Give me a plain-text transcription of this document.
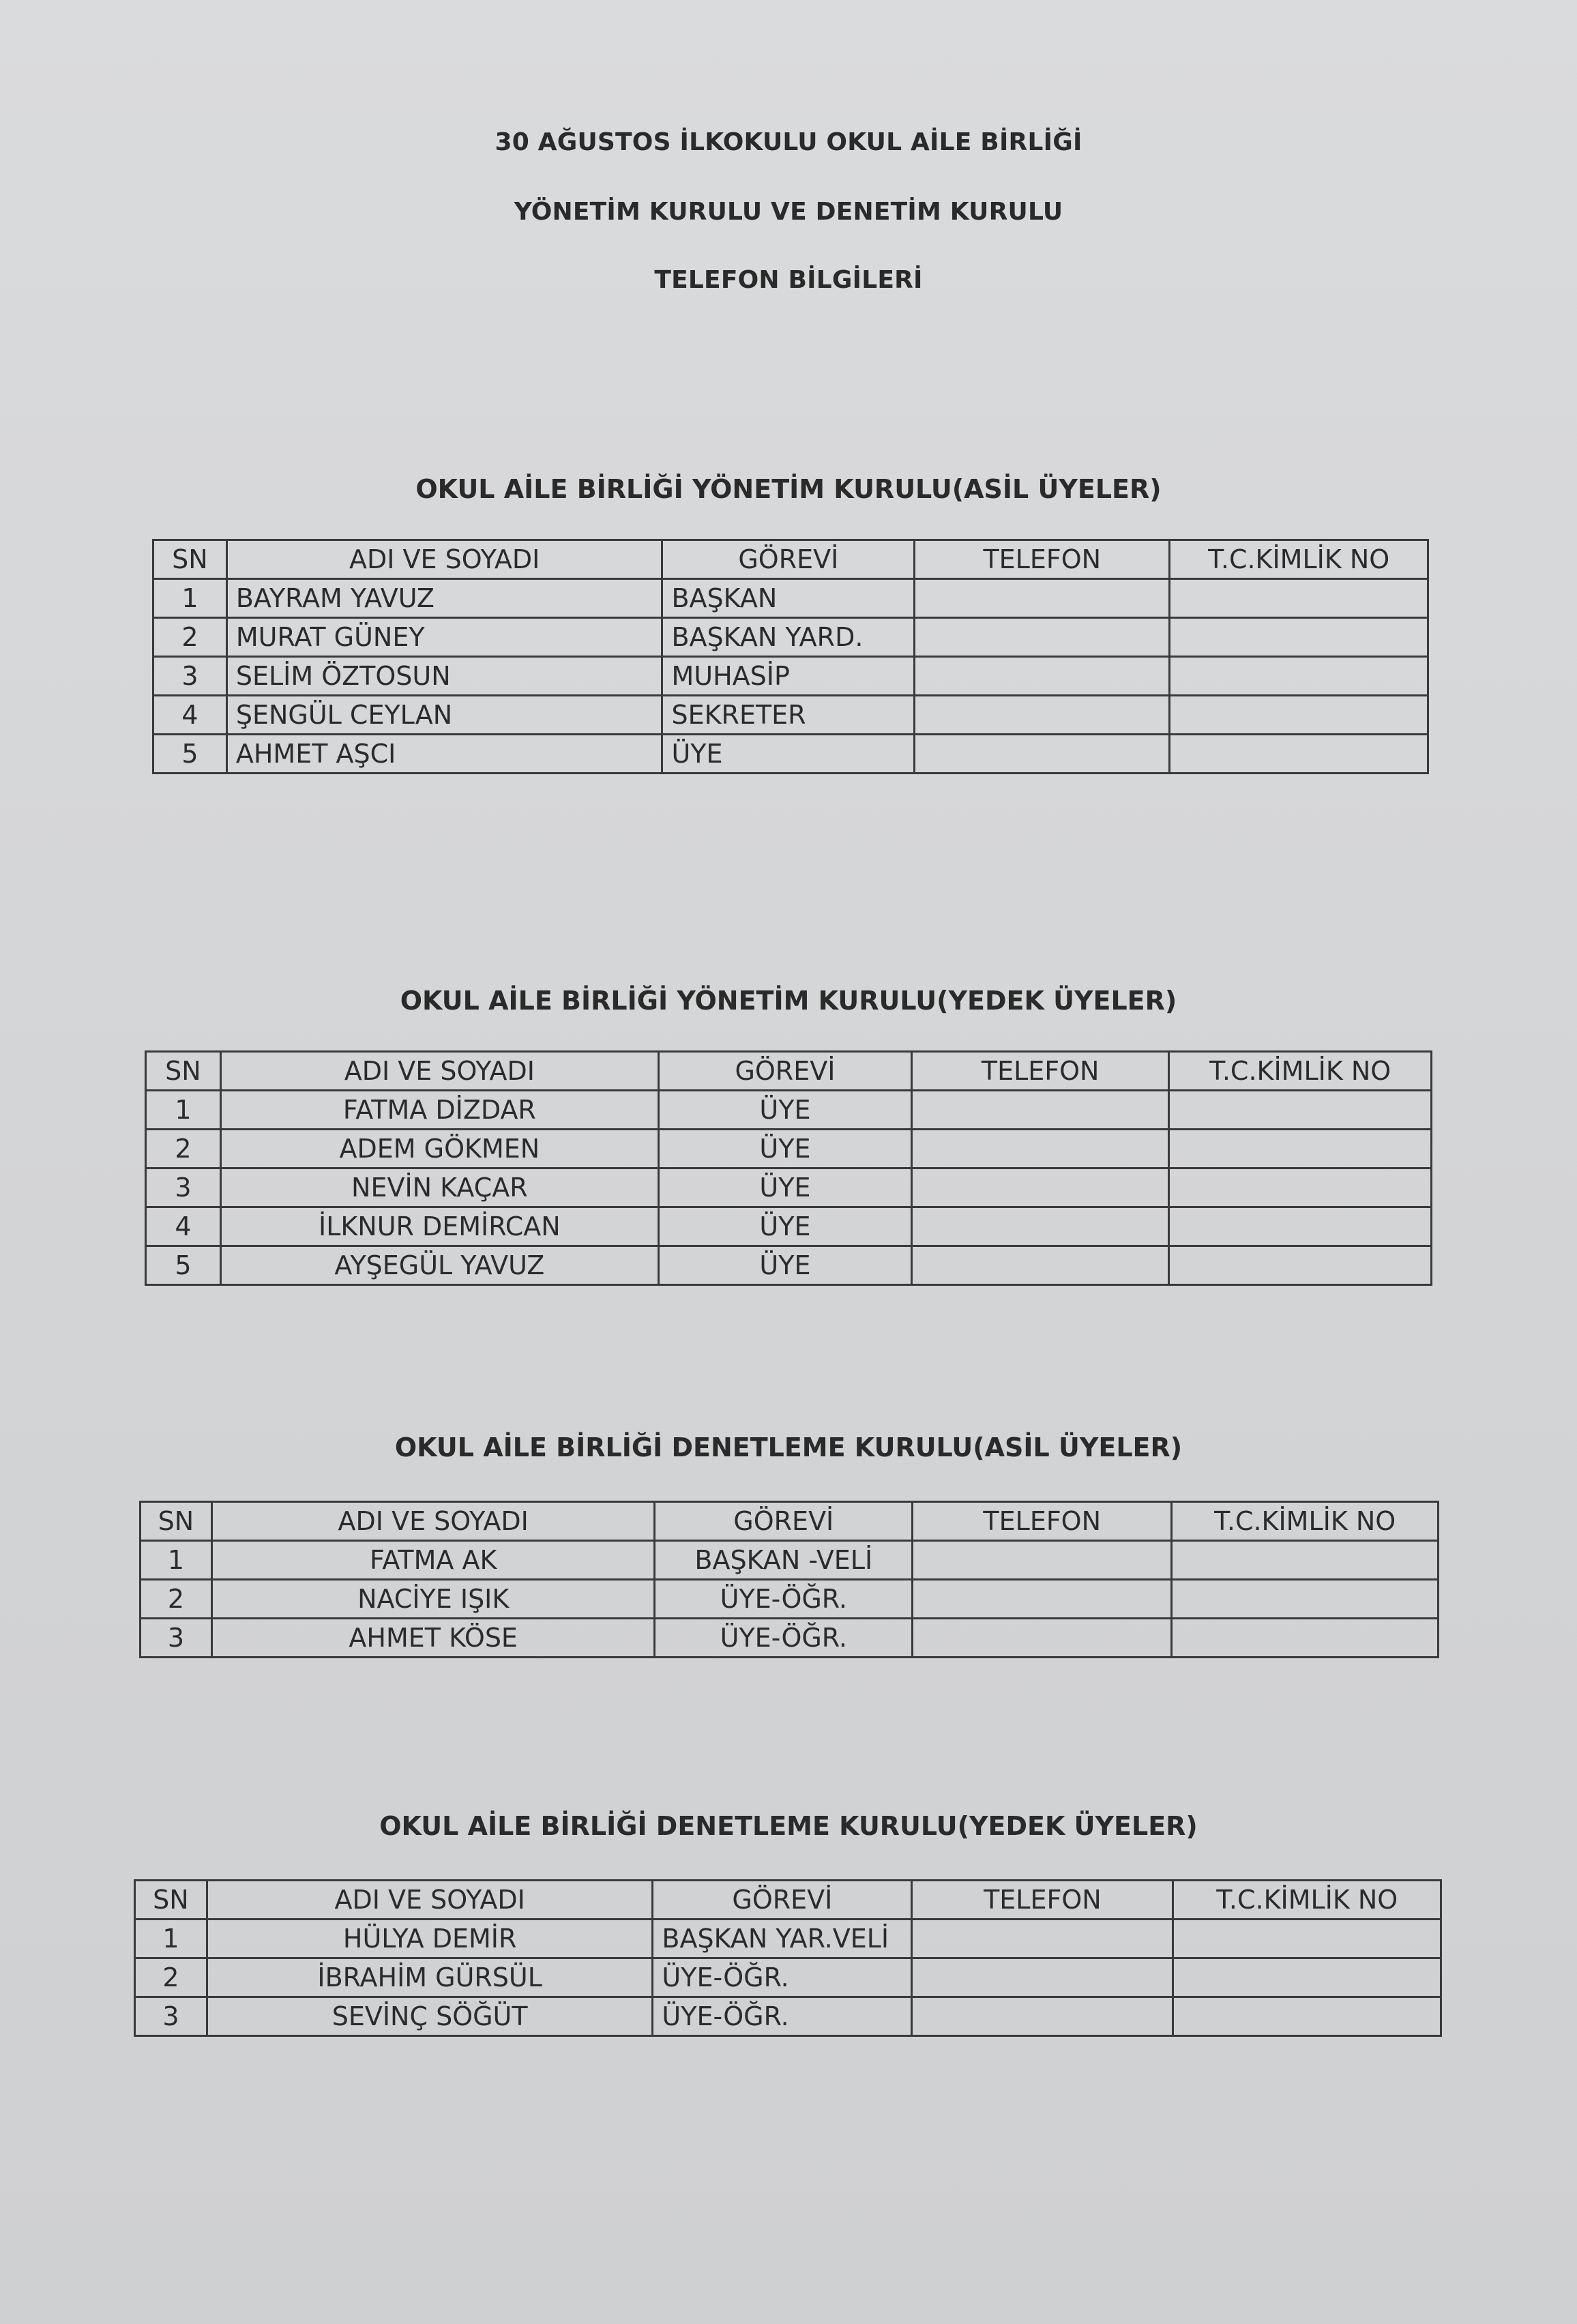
30 AĞUSTOS İLKOKULU OKUL AİLE BİRLİĞİ
YÖNETİM KURULU VE DENETİM KURULU
TELEFON BİLGİLERİ
OKUL AİLE BİRLİĞİ YÖNETİM KURULU(ASİL ÜYELER)
SN	ADI VE SOYADI	GÖREVİ	TELEFON	T.C.KİMLİK NO
1	BAYRAM YAVUZ	BAŞKAN		
2	MURAT GÜNEY	BAŞKAN YARD.		
3	SELİM ÖZTOSUN	MUHASİP		
4	ŞENGÜL CEYLAN	SEKRETER		
5	AHMET AŞCI	ÜYE		
OKUL AİLE BİRLİĞİ YÖNETİM KURULU(YEDEK ÜYELER)
SN	ADI VE SOYADI	GÖREVİ	TELEFON	T.C.KİMLİK NO
1	FATMA DİZDAR	ÜYE		
2	ADEM GÖKMEN	ÜYE		
3	NEVİN KAÇAR	ÜYE		
4	İLKNUR DEMİRCAN	ÜYE		
5	AYŞEGÜL YAVUZ	ÜYE		
OKUL AİLE BİRLİĞİ DENETLEME KURULU(ASİL ÜYELER)
SN	ADI VE SOYADI	GÖREVİ	TELEFON	T.C.KİMLİK NO
1	FATMA AK	BAŞKAN -VELİ		
2	NACİYE IŞIK	ÜYE-ÖĞR.		
3	AHMET KÖSE	ÜYE-ÖĞR.		
OKUL AİLE BİRLİĞİ DENETLEME KURULU(YEDEK ÜYELER)
SN	ADI VE SOYADI	GÖREVİ	TELEFON	T.C.KİMLİK NO
1	HÜLYA DEMİR	BAŞKAN YAR.VELİ		
2	İBRAHİM GÜRSÜL	ÜYE-ÖĞR.		
3	SEVİNÇ SÖĞÜT	ÜYE-ÖĞR.		
